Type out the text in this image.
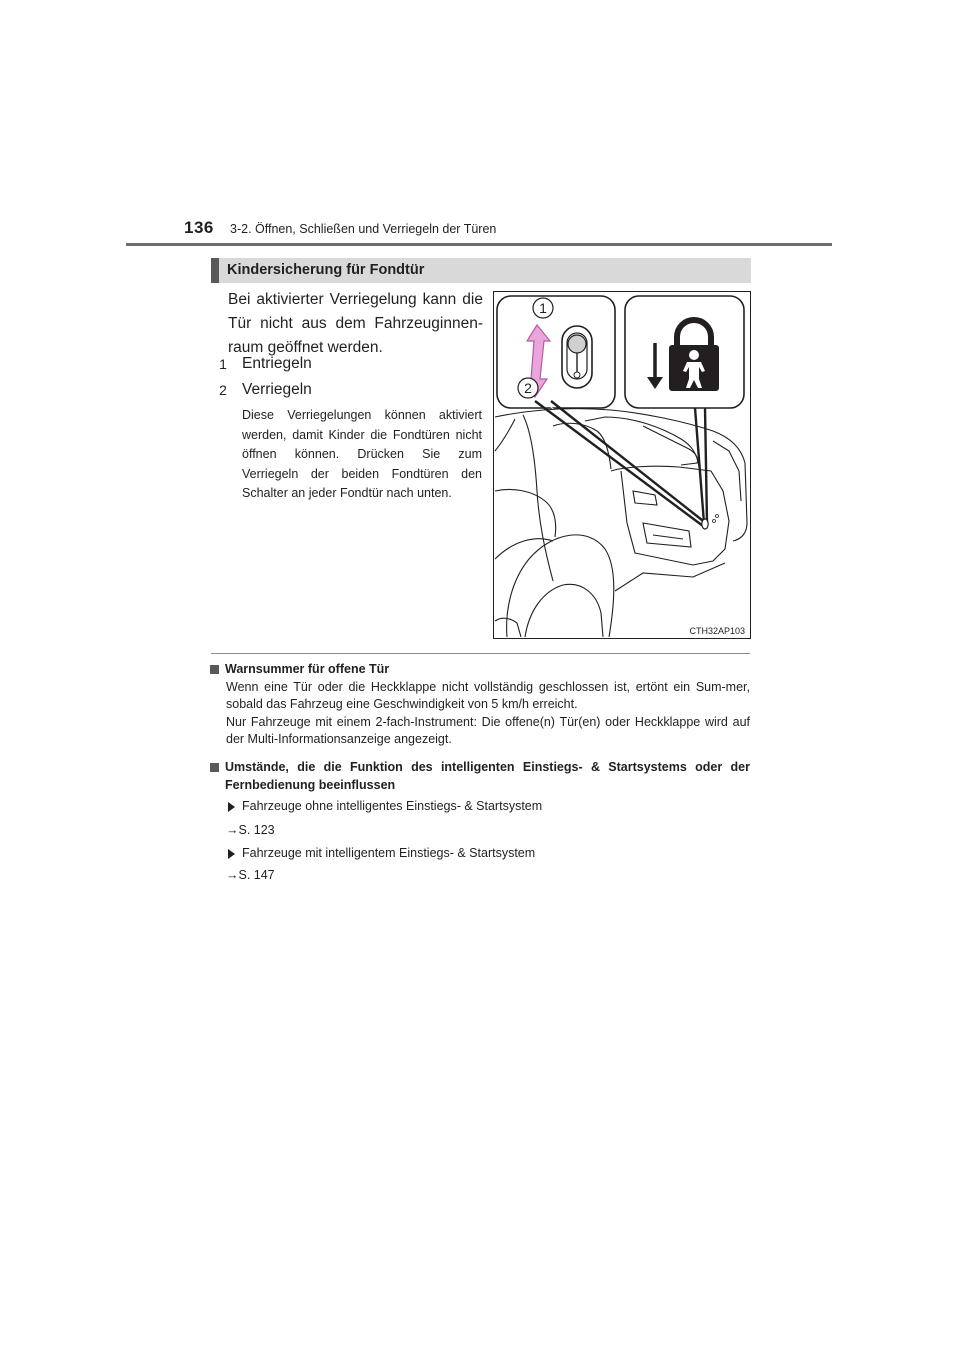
136 3-2. Öffnen, Schließen und Verriegeln der Türen
Kindersicherung für Fondtür
Bei aktivierter Verriegelung kann die Tür nicht aus dem Fahrzeuginnen-raum geöffnet werden.
1 Entriegeln
2 Verriegeln
Diese Verriegelungen können aktiviert werden, damit Kinder die Fondtüren nicht öffnen können. Drücken Sie zum Verriegeln der beiden Fondtüren den Schalter an jeder Fondtür nach unten.
1
2
CTH32AP103
Warnsummer für offene Tür
Wenn eine Tür oder die Heckklappe nicht vollständig geschlossen ist, ertönt ein Sum-mer, sobald das Fahrzeug eine Geschwindigkeit von 5 km/h erreicht.
Nur Fahrzeuge mit einem 2-fach-Instrument: Die offene(n) Tür(en) oder Heckklappe wird auf der Multi-Informationsanzeige angezeigt.
Umstände, die die Funktion des intelligenten Einstiegs- & Startsystems oder der Fernbedienung beeinflussen
Fahrzeuge ohne intelligentes Einstiegs- & Startsystem
→S. 123
Fahrzeuge mit intelligentem Einstiegs- & Startsystem
→S. 147
